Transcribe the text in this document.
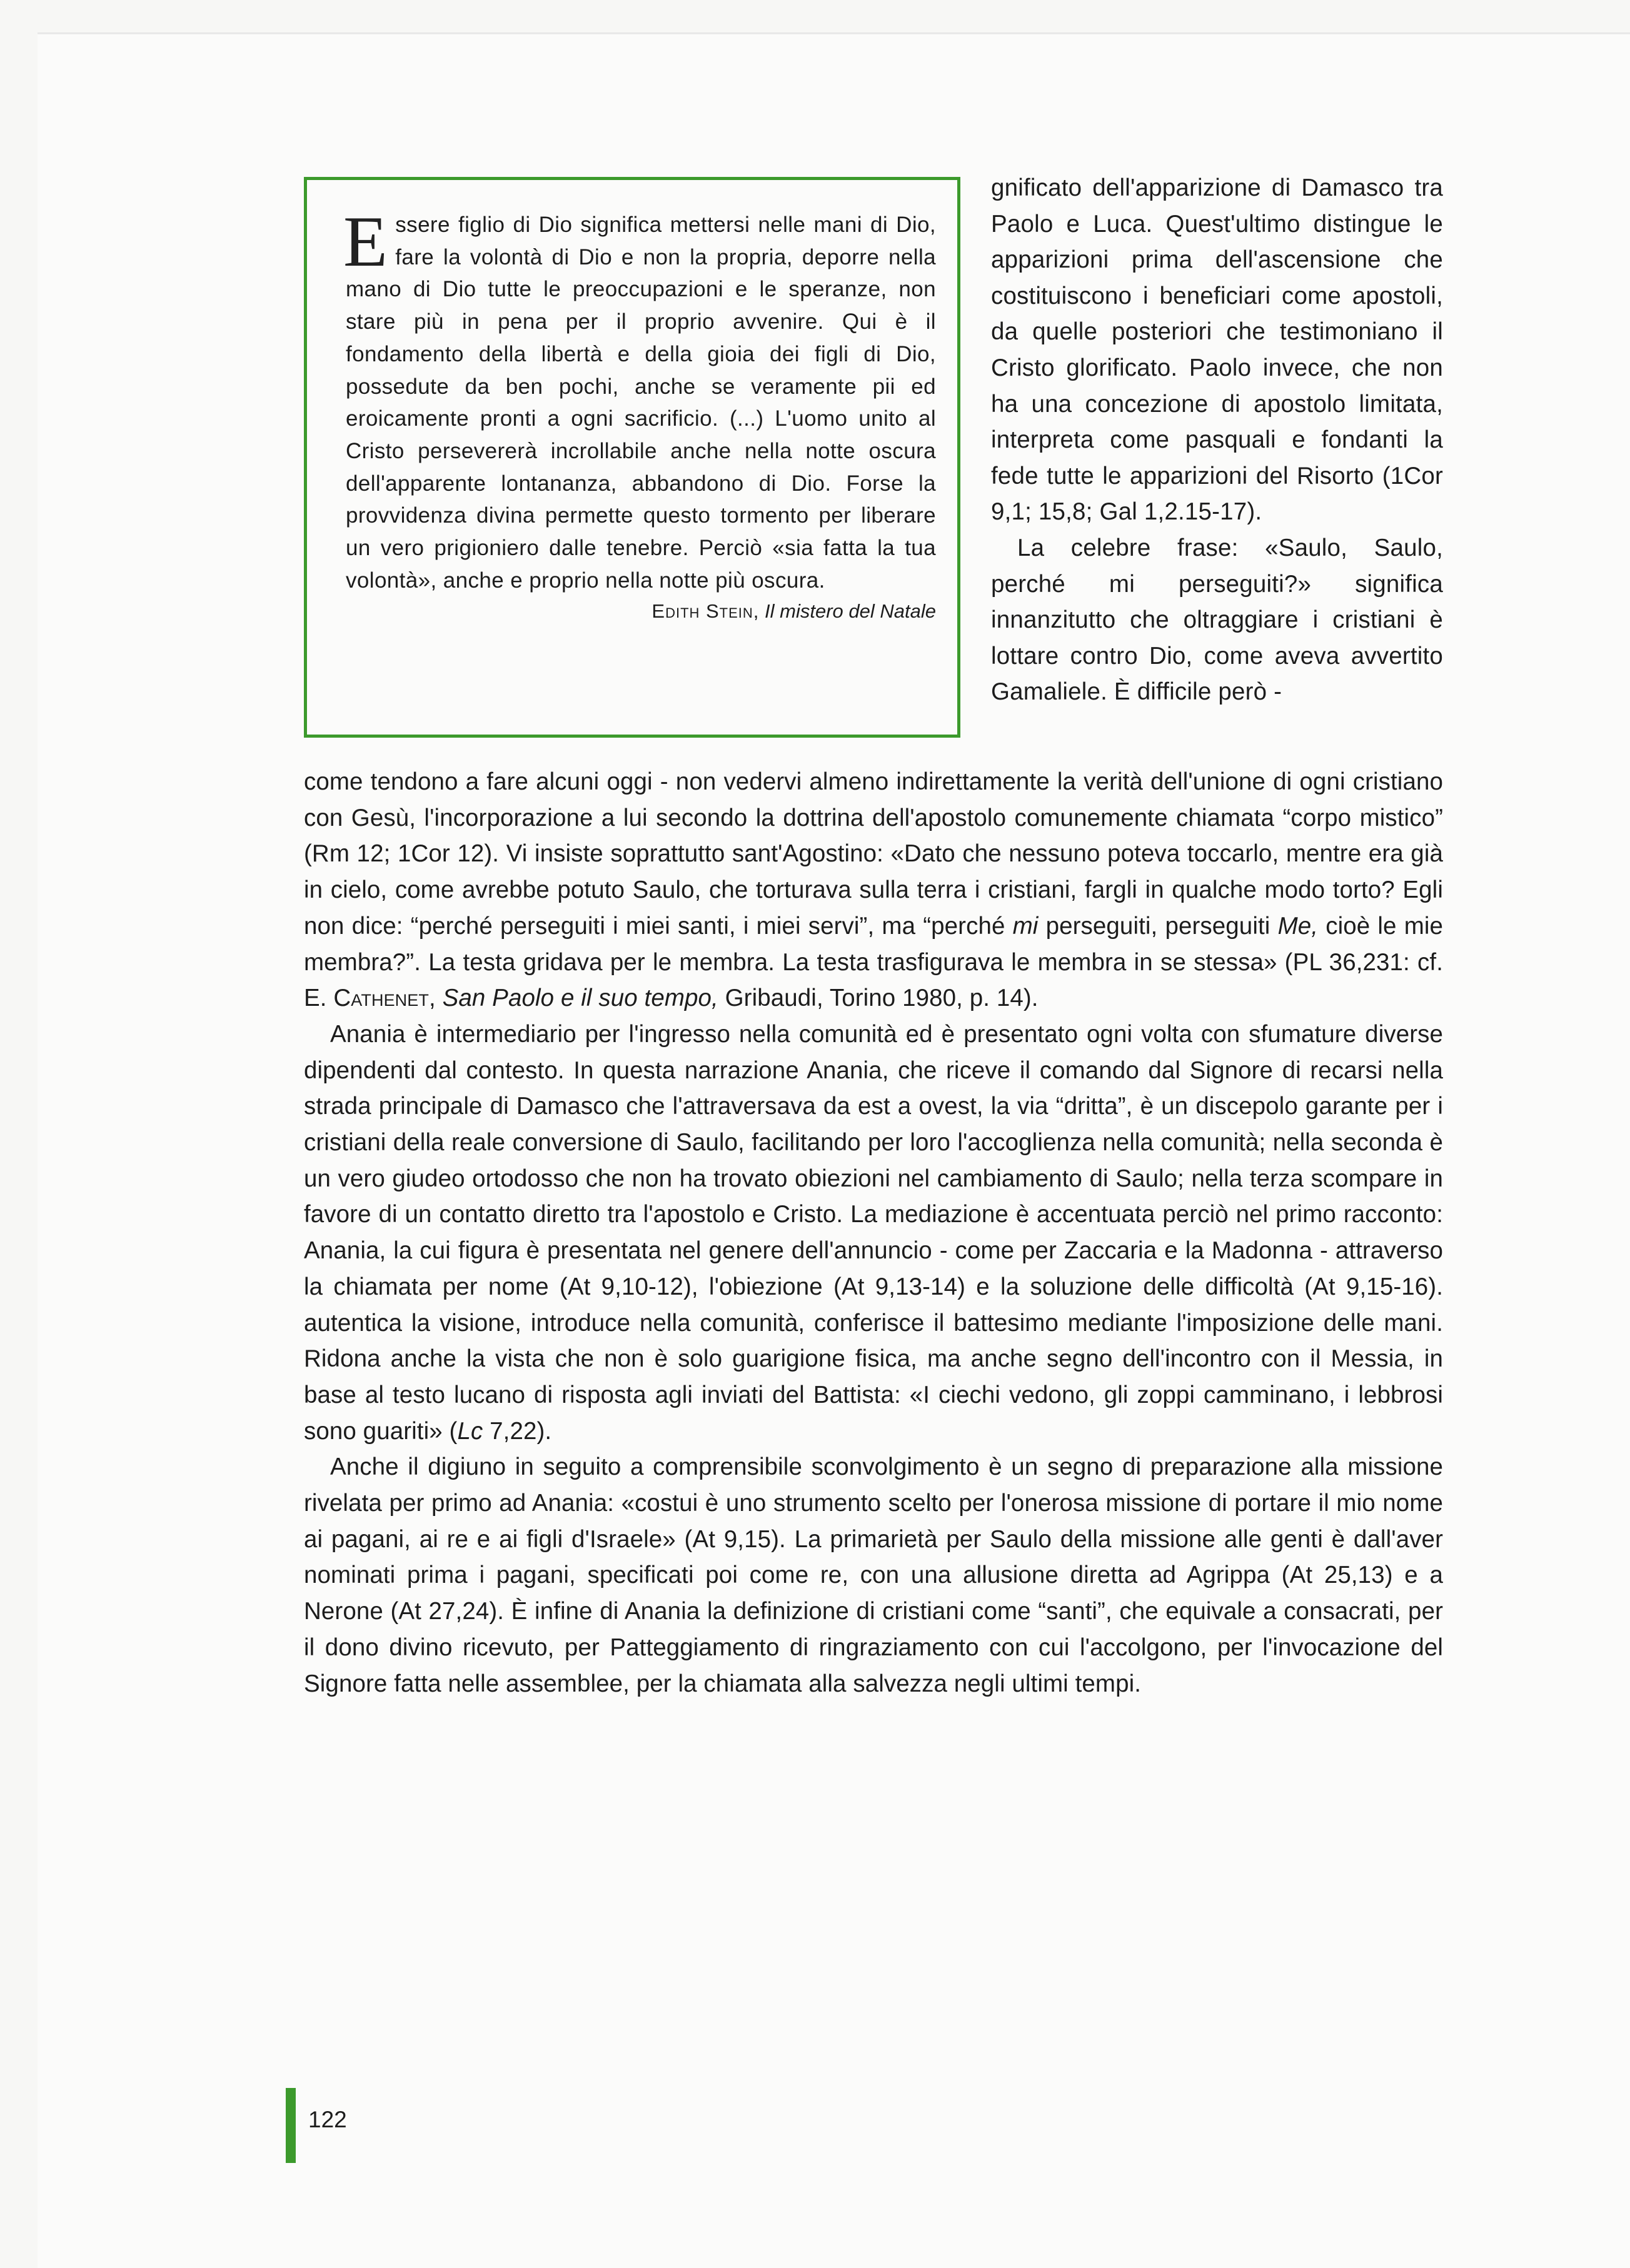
Essere figlio di Dio significa mettersi nelle mani di Dio, fare la volontà di Dio e non la propria, deporre nella mano di Dio tutte le preoccupazioni e le speranze, non stare più in pena per il proprio avvenire. Qui è il fondamento della libertà e della gioia dei figli di Dio, possedute da ben pochi, anche se veramente pii ed eroicamente pronti a ogni sacrificio. (...) L'uomo unito al Cristo persevererà incrollabile anche nella notte oscura dell'apparente lontananza, abbandono di Dio. Forse la provvidenza divina permette questo tormento per liberare un vero prigioniero dalle tenebre. Perciò «sia fatta la tua volontà», anche e proprio nella notte più oscura.

Edith Stein, Il mistero del Natale

gnificato dell'apparizione di Damasco tra Paolo e Luca. Quest'ultimo distingue le apparizioni prima dell'ascensione che costituiscono i beneficiari come apostoli, da quelle posteriori che testimoniano il Cristo glorificato. Paolo invece, che non ha una concezione di apostolo limitata, interpreta come pasquali e fondanti la fede tutte le apparizioni del Risorto (1Cor 9,1; 15,8; Gal 1,2.15-17).

La celebre frase: «Saulo, Saulo, perché mi perseguiti?» significa innanzitutto che oltraggiare i cristiani è lottare contro Dio, come aveva avvertito Gamaliele. È difficile però -

come tendono a fare alcuni oggi - non vedervi almeno indirettamente la verità dell'unione di ogni cristiano con Gesù, l'incorporazione a lui secondo la dottrina dell'apostolo comunemente chiamata “corpo mistico” (Rm 12; 1Cor 12). Vi insiste soprattutto sant'Agostino: «Dato che nessuno poteva toccarlo, mentre era già in cielo, come avrebbe potuto Saulo, che torturava sulla terra i cristiani, fargli in qualche modo torto? Egli non dice: “perché perseguiti i miei santi, i miei servi”, ma “perché mi perseguiti, perseguiti Me, cioè le mie membra?”. La testa gridava per le membra. La testa trasfigurava le membra in se stessa» (PL 36,231: cf. E. Cathenet, San Paolo e il suo tempo, Gribaudi, Torino 1980, p. 14).

Anania è intermediario per l'ingresso nella comunità ed è presentato ogni volta con sfumature diverse dipendenti dal contesto. In questa narrazione Anania, che riceve il comando dal Signore di recarsi nella strada principale di Damasco che l'attraversava da est a ovest, la via “dritta”, è un discepolo garante per i cristiani della reale conversione di Saulo, facilitando per loro l'accoglienza nella comunità; nella seconda è un vero giudeo ortodosso che non ha trovato obiezioni nel cambiamento di Saulo; nella terza scompare in favore di un contatto diretto tra l'apostolo e Cristo. La mediazione è accentuata perciò nel primo racconto: Anania, la cui figura è presentata nel genere dell'annuncio - come per Zaccaria e la Madonna - attraverso la chiamata per nome (At 9,10-12), l'obiezione (At 9,13-14) e la soluzione delle difficoltà (At 9,15-16). autentica la visione, introduce nella comunità, conferisce il battesimo mediante l'imposizione delle mani. Ridona anche la vista che non è solo guarigione fisica, ma anche segno dell'incontro con il Messia, in base al testo lucano di risposta agli inviati del Battista: «I ciechi vedono, gli zoppi camminano, i lebbrosi sono guariti» (Lc 7,22).

Anche il digiuno in seguito a comprensibile sconvolgimento è un segno di preparazione alla missione rivelata per primo ad Anania: «costui è uno strumento scelto per l'onerosa missione di portare il mio nome ai pagani, ai re e ai figli d'Israele» (At 9,15). La primarietà per Saulo della missione alle genti è dall'aver nominati prima i pagani, specificati poi come re, con una allusione diretta ad Agrippa (At 25,13) e a Nerone (At 27,24). È infine di Anania la definizione di cristiani come “santi”, che equivale a consacrati, per il dono divino ricevuto, per Patteggiamento di ringraziamento con cui l'accolgono, per l'invocazione del Signore fatta nelle assemblee, per la chiamata alla salvezza negli ultimi tempi.

122
